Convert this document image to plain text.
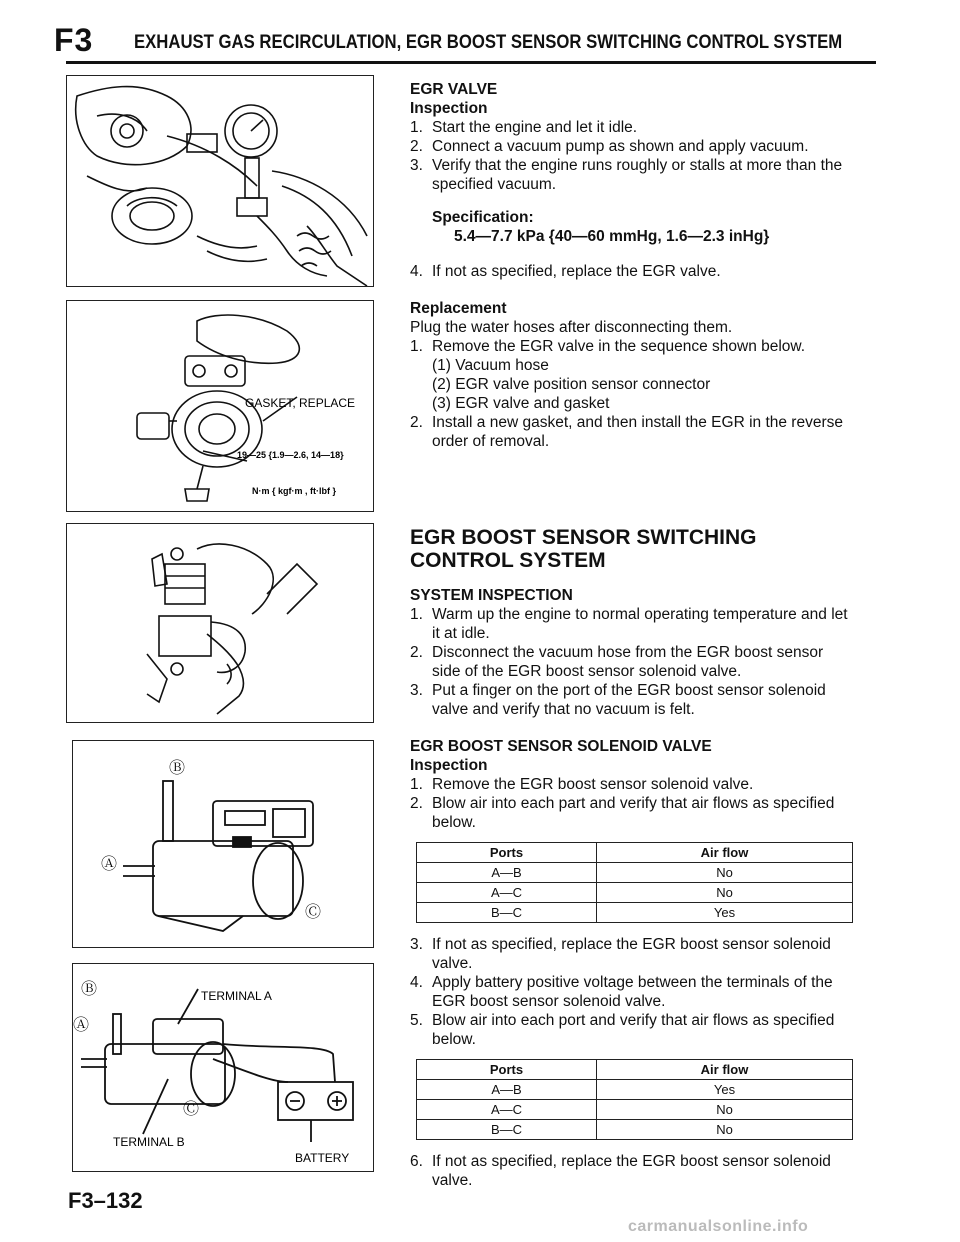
F3 EXHAUST GAS RECIRCULATION, EGR BOOST SENSOR SWITCHING CONTROL SYSTEM
GASKET, REPLACE
19—25 {1.9—2.6, 14—18}
N·m { kgf·m , ft·lbf }
Ⓑ
Ⓐ
Ⓒ
Ⓑ
Ⓐ
Ⓒ
TERMINAL A
TERMINAL B
BATTERY

EGR VALVE

Inspection

1. Start the engine and let it idle.
2. Connect a vacuum pump as shown and apply vacuum.
3. Verify that the engine runs roughly or stalls at more than the specified vacuum.

Specification:

5.4—7.7 kPa {40—60 mmHg, 1.6—2.3 inHg}

4. If not as specified, replace the EGR valve.

Replacement

Plug the water hoses after disconnecting them.

1. Remove the EGR valve in the sequence shown below.

(1) Vacuum hose

(2) EGR valve position sensor connector

(3) EGR valve and gasket

2. Install a new gasket, and then install the EGR in the reverse order of removal.

EGR BOOST SENSOR SWITCHING

CONTROL SYSTEM

SYSTEM INSPECTION

1. Warm up the engine to normal operating temperature and let it at idle.
2. Disconnect the vacuum hose from the EGR boost sensor side of the EGR boost sensor solenoid valve.
3. Put a finger on the port of the EGR boost sensor solenoid valve and verify that no vacuum is felt.

EGR BOOST SENSOR SOLENOID VALVE

Inspection

1. Remove the EGR boost sensor solenoid valve.
2. Blow air into each part and verify that air flows as specified below.
Ports	Air flow
A—B	No
A—C	No
B—C	Yes
3. If not as specified, replace the EGR boost sensor solenoid valve.
4. Apply battery positive voltage between the terminals of the EGR boost sensor solenoid valve.
5. Blow air into each port and verify that air flows as specified below.
Ports	Air flow
A—B	Yes
A—C	No
B—C	No
6. If not as specified, replace the EGR boost sensor solenoid valve.
F3–132
carmanualsonline.info
